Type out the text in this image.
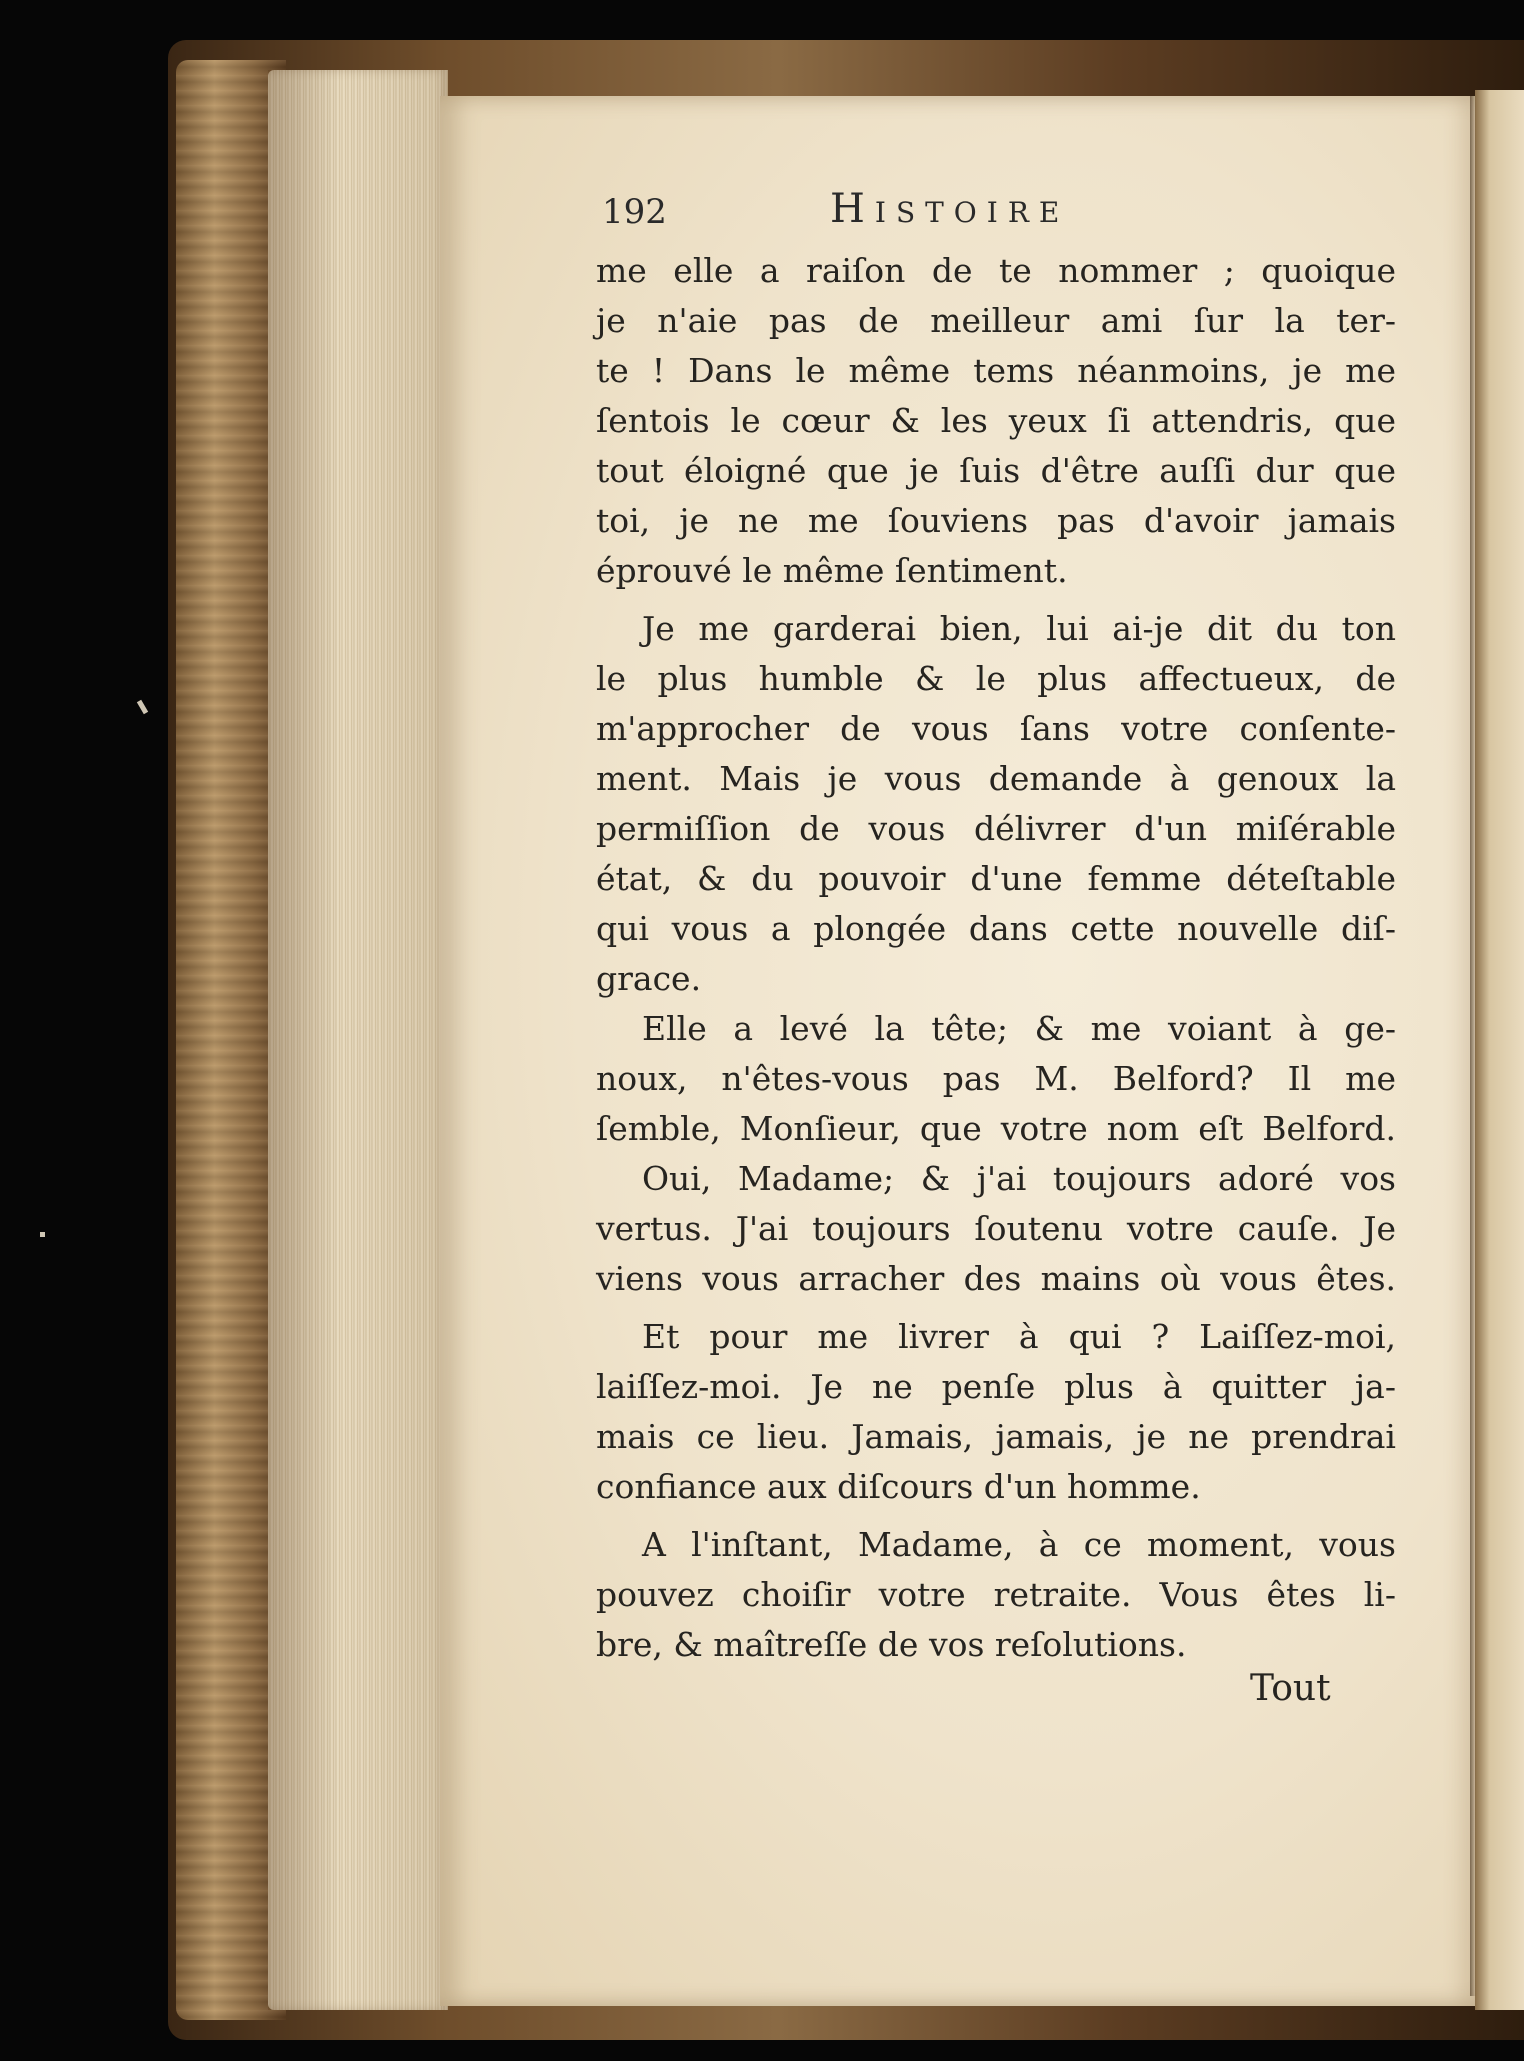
192	Histoire
me elle a raiſon de te nommer ; quoique
je n'aie pas de meilleur ami ſur la ter-
te ! Dans le même tems néanmoins, je me
ſentois le cœur & les yeux ſi attendris, que
tout éloigné que je ſuis d'être auſſi dur que
toi, je ne me ſouviens pas d'avoir jamais
éprouvé le même ſentiment.
Je me garderai bien, lui ai-je dit du ton
le plus humble & le plus affectueux, de
m'approcher de vous ſans votre conſente-
ment. Mais je vous demande à genoux la
permiſſion de vous délivrer d'un miſérable
état, & du pouvoir d'une femme déteſtable
qui vous a plongée dans cette nouvelle diſ-
grace.
Elle a levé la tête; & me voiant à ge-
noux, n'êtes-vous pas M. Belford? Il me
ſemble, Monſieur, que votre nom eſt Belford.
Oui, Madame; & j'ai toujours adoré vos
vertus. J'ai toujours ſoutenu votre cauſe. Je
viens vous arracher des mains où vous êtes.
Et pour me livrer à qui ? Laiſſez-moi,
laiſſez-moi. Je ne penſe plus à quitter ja-
mais ce lieu. Jamais, jamais, je ne prendrai
confiance aux diſcours d'un homme.
A l'inſtant, Madame, à ce moment, vous
pouvez choiſir votre retraite. Vous êtes li-
bre, & maîtreſſe de vos reſolutions.
Tout
